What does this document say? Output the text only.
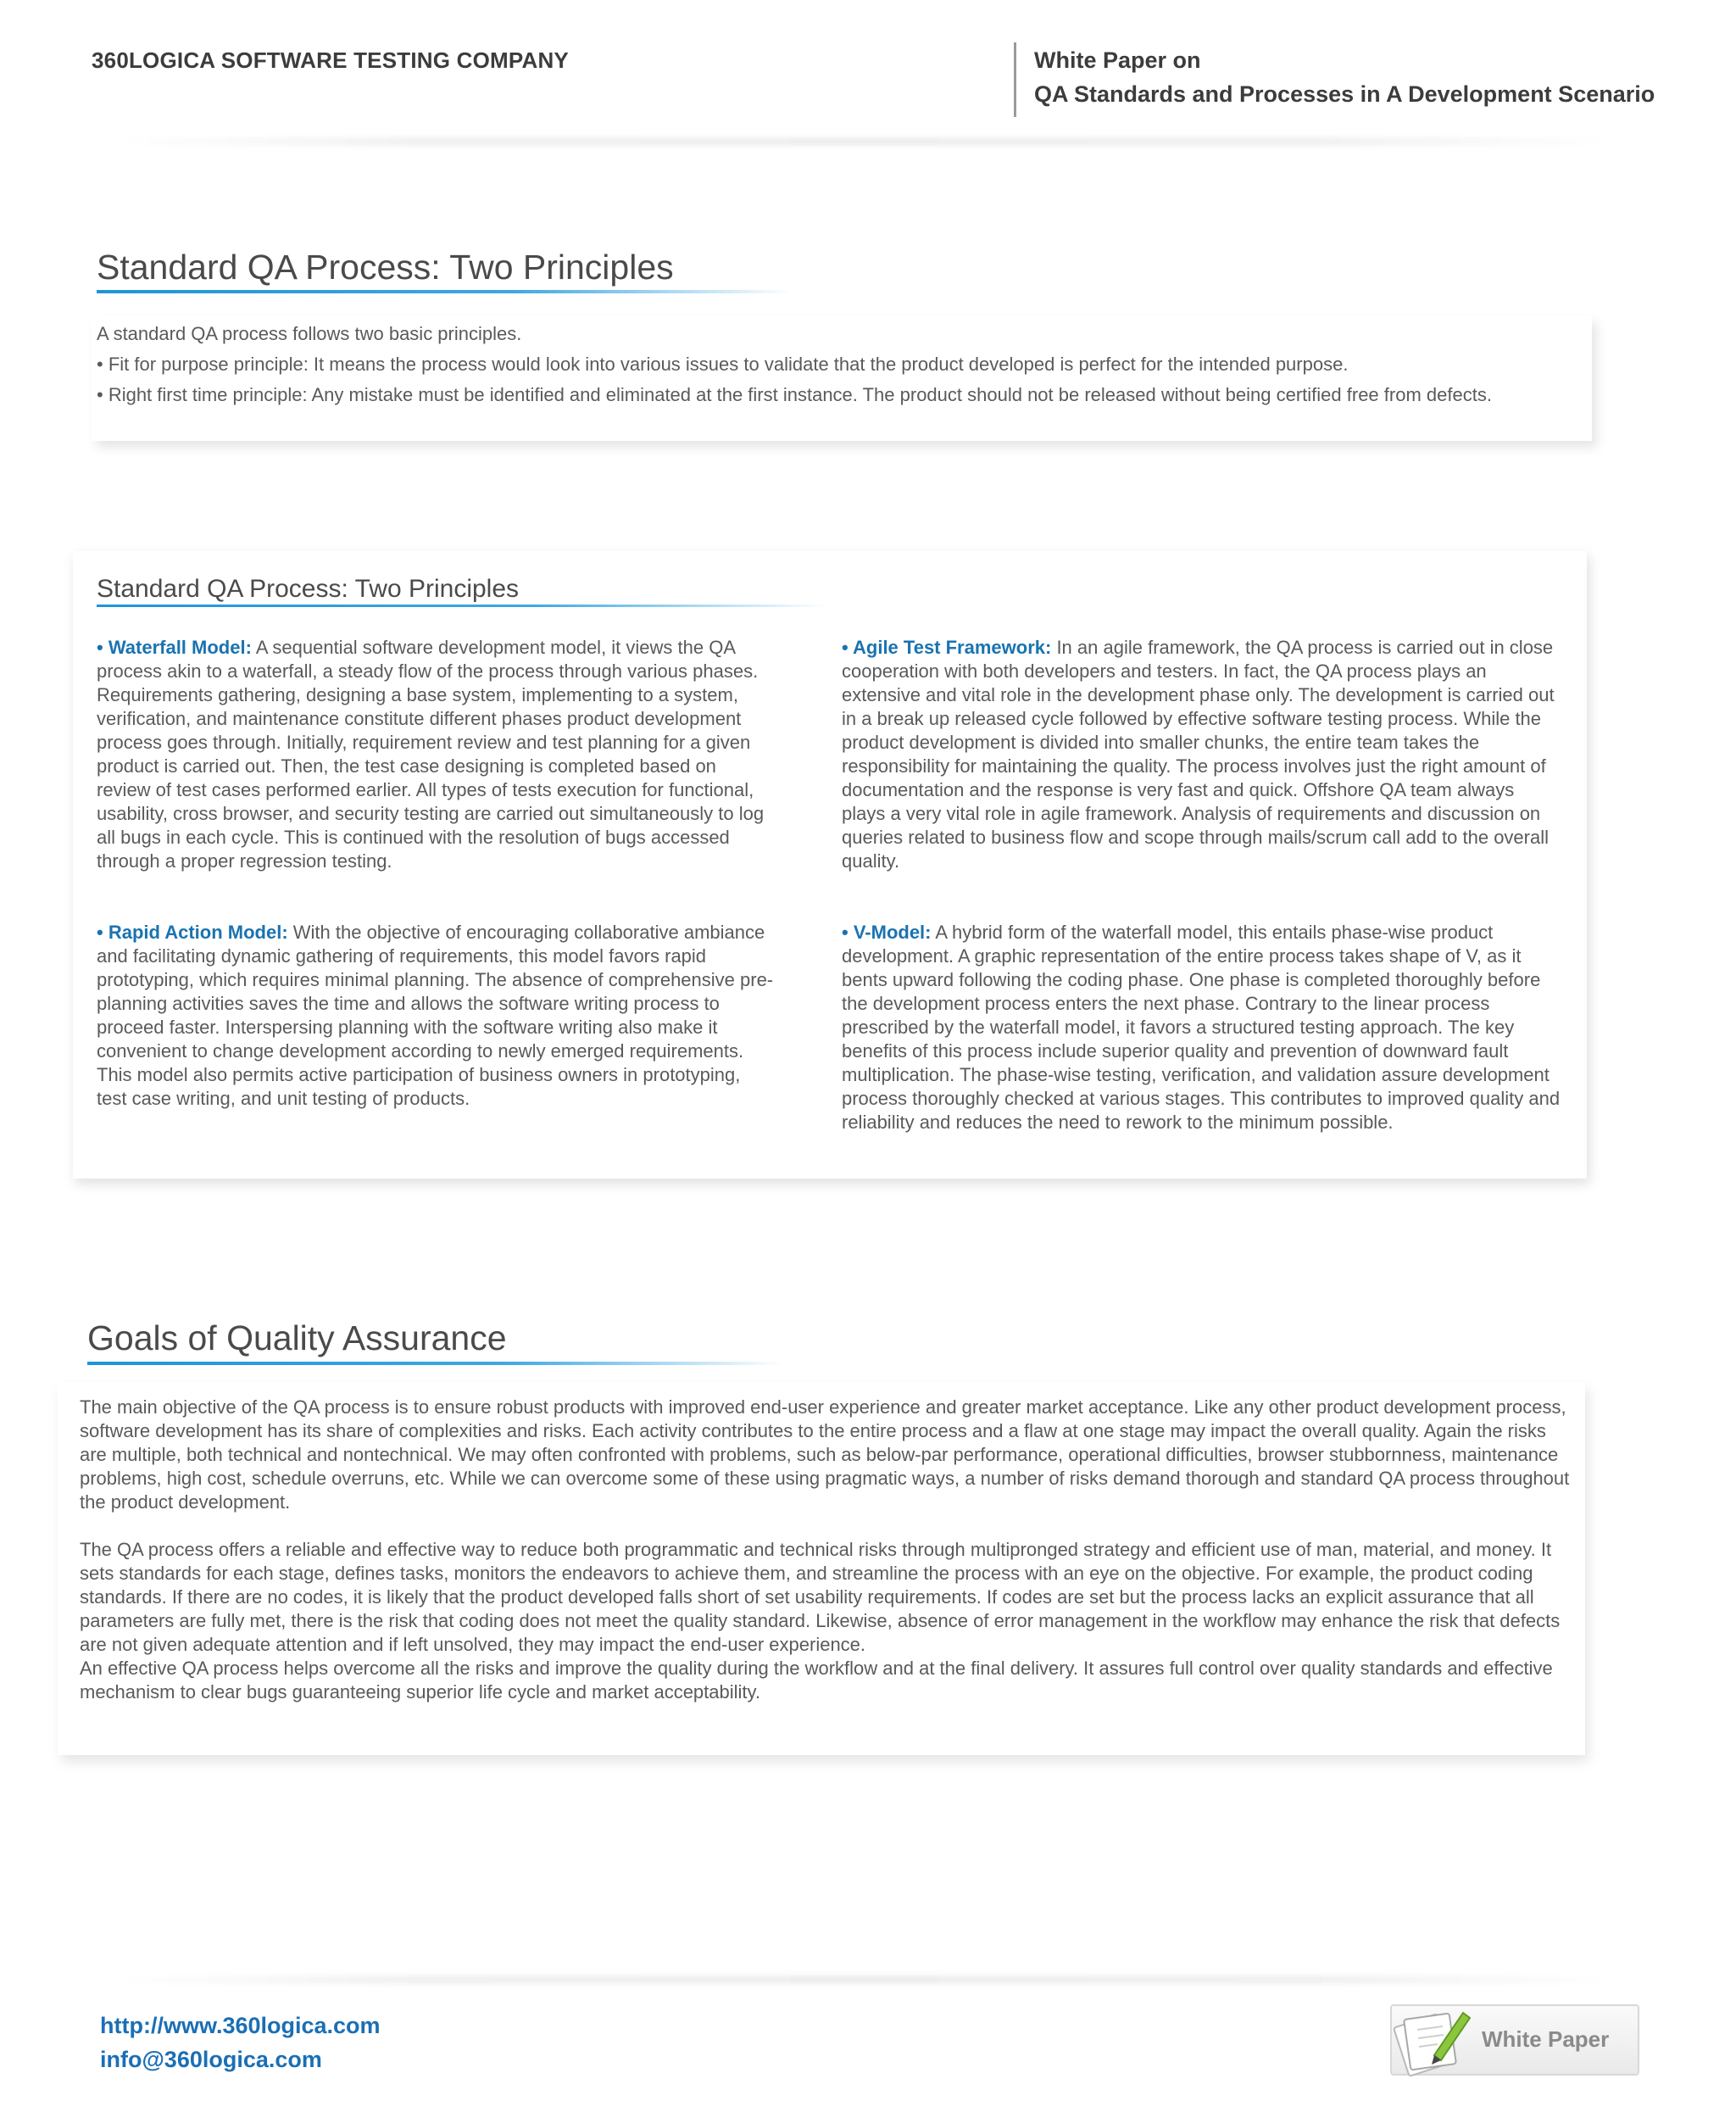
360LOGICA SOFTWARE TESTING COMPANY	White Paper on
QA Standards and Processes in A Development Scenario
Standard QA Process: Two Principles

A standard QA process follows two basic principles.

• Fit for purpose principle: It means the process would look into various issues to validate that the product developed is perfect for the intended purpose.

• Right first time principle: Any mistake must be identified and eliminated at the first instance. The product should not be released without being certified free from defects.

Standard QA Process: Two Principles

• Waterfall Model: A sequential software development model, it views the QA process akin to a waterfall, a steady flow of the process through various phases. Requirements gathering, designing a base system, implementing to a system, verification, and maintenance constitute different phases product development process goes through. Initially, requirement review and test planning for a given product is carried out. Then, the test case designing is completed based on review of test cases performed earlier. All types of tests execution for functional, usability, cross browser, and security testing are carried out simultaneously to log all bugs in each cycle. This is continued with the resolution of bugs accessed through a proper regression testing.

• Rapid Action Model: With the objective of encouraging collaborative ambiance and facilitating dynamic gathering of requirements, this model favors rapid prototyping, which requires minimal planning. The absence of comprehensive pre-planning activities saves the time and allows the software writing process to proceed faster. Interspersing planning with the software writing also make it convenient to change development according to newly emerged requirements. This model also permits active participation of business owners in prototyping, test case writing, and unit testing of products.

• Agile Test Framework: In an agile framework, the QA process is carried out in close cooperation with both developers and testers. In fact, the QA process plays an extensive and vital role in the development phase only. The development is carried out in a break up released cycle followed by effective software testing process. While the product development is divided into smaller chunks, the entire team takes the responsibility for maintaining the quality. The process involves just the right amount of documentation and the response is very fast and quick. Offshore QA team always plays a very vital role in agile framework. Analysis of requirements and discussion on queries related to business flow and scope through mails/scrum call add to the overall quality.

• V-Model: A hybrid form of the waterfall model, this entails phase-wise product development. A graphic representation of the entire process takes shape of V, as it bents upward following the coding phase. One phase is completed thoroughly before the development process enters the next phase. Contrary to the linear process prescribed by the waterfall model, it favors a structured testing approach. The key benefits of this process include superior quality and prevention of downward fault multiplication. The phase-wise testing, verification, and validation assure development process thoroughly checked at various stages. This contributes to improved quality and reliability and reduces the need to rework to the minimum possible.

Goals of Quality Assurance

The main objective of the QA process is to ensure robust products with improved end-user experience and greater market acceptance. Like any other product development process, software development has its share of complexities and risks. Each activity contributes to the entire process and a flaw at one stage may impact the overall quality. Again the risks are multiple, both technical and nontechnical. We may often confronted with problems, such as below-par performance, operational difficulties, browser stubbornness, maintenance problems, high cost, schedule overruns, etc. While we can overcome some of these using pragmatic ways, a number of risks demand thorough and standard QA process throughout the product development.

The QA process offers a reliable and effective way to reduce both programmatic and technical risks through multipronged strategy and efficient use of man, material, and money. It sets standards for each stage, defines tasks, monitors the endeavors to achieve them, and streamline the process with an eye on the objective. For example, the product coding standards. If there are no codes, it is likely that the product developed falls short of set usability requirements. If codes are set but the process lacks an explicit assurance that all parameters are fully met, there is the risk that coding does not meet the quality standard. Likewise, absence of error management in the workflow may enhance the risk that defects are not given adequate attention and if left unsolved, they may impact the end-user experience.

An effective QA process helps overcome all the risks and improve the quality during the workflow and at the final delivery. It assures full control over quality standards and effective mechanism to clear bugs guaranteeing superior life cycle and market acceptability.

http://www.360logica.com
info@360logica.com
White Paper
